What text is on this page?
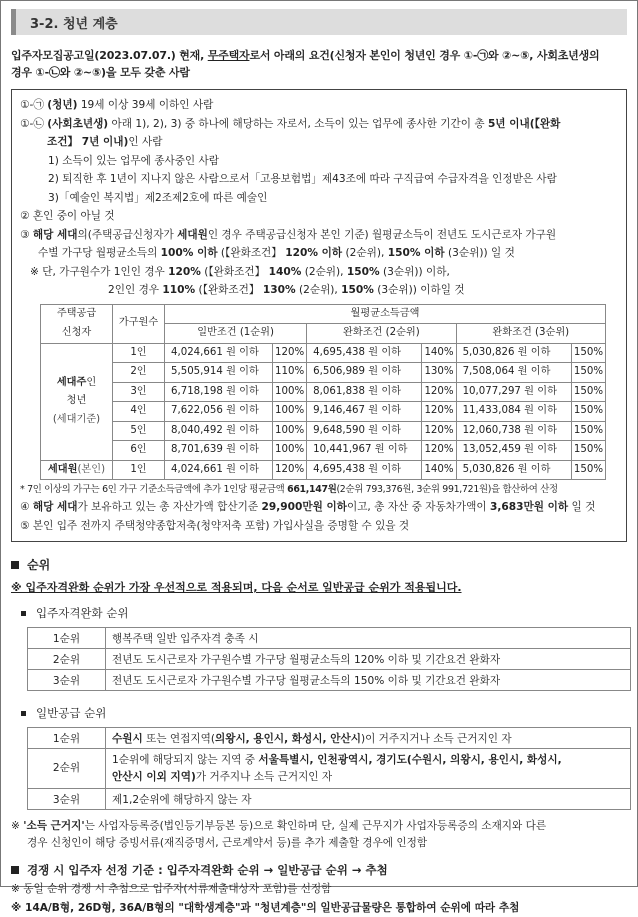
3-2. 청년 계층
입주자모집공고일(2023.07.07.) 현재, 무주택자로서 아래의 요건(신청자 본인이 청년인 경우 ①-㉠와 ②~⑤, 사회초년생의
경우 ①-㉡와 ②~⑤)을 모두 갖춘 사람
①-㉠ (청년) 19세 이상 39세 이하인 사람
①-㉡ (사회초년생) 아래 1), 2), 3) 중 하나에 해당하는 자로서, 소득이 있는 업무에 종사한 기간이 총 5년 이내(【완화
조건】 7년 이내)인 사람
1) 소득이 있는 업무에 종사중인 사람
2) 퇴직한 후 1년이 지나지 않은 사람으로서「고용보험법」제43조에 따라 구직급여 수급자격을 인정받은 사람
3)「예술인 복지법」제2조제2호에 따른 예술인
② 혼인 중이 아닐 것
③ 해당 세대의(주택공급신청자가 세대원인 경우 주택공급신청자 본인 기준) 월평균소득이 전년도 도시근로자 가구원
수별 가구당 월평균소득의 100% 이하 (【완화조건】 120% 이하 (2순위), 150% 이하 (3순위)) 일 것
※ 단, 가구원수가 1인인 경우 120% (【완화조건】 140% (2순위), 150% (3순위)) 이하,
2인인 경우 110% (【완화조건】 130% (2순위), 150% (3순위)) 이하일 것
주택공급
신청자	가구원수	월평균소득금액					
		일반조건 (1순위)		완화조건 (2순위)		완화조건 (3순위)	
세대주인
청년
(세대기준)	1인	4,024,661 원 이하	120%	4,695,438 원 이하	140%	5,030,826 원 이하	150%
	2인	5,505,914 원 이하	110%	6,506,989 원 이하	130%	7,508,064 원 이하	150%
	3인	6,718,198 원 이하	100%	8,061,838 원 이하	120%	10,077,297 원 이하	150%
	4인	7,622,056 원 이하	100%	9,146,467 원 이하	120%	11,433,084 원 이하	150%
	5인	8,040,492 원 이하	100%	9,648,590 원 이하	120%	12,060,738 원 이하	150%
	6인	8,701,639 원 이하	100%	10,441,967 원 이하	120%	13,052,459 원 이하	150%
세대원(본인)	1인	4,024,661 원 이하	120%	4,695,438 원 이하	140%	5,030,826 원 이하	150%
* 7인 이상의 가구는 6인 가구 기준소득금액에 추가 1인당 평균금액 661,147원(2순위 793,376원, 3순위 991,721원)을 합산하여 산정
④ 해당 세대가 보유하고 있는 총 자산가액 합산기준 29,900만원 이하이고, 총 자산 중 자동차가액이 3,683만원 이하 일 것
⑤ 본인 입주 전까지 주택청약종합저축(청약저축 포함) 가입사실을 증명할 수 있을 것
순위
※ 입주자격완화 순위가 가장 우선적으로 적용되며, 다음 순서로 일반공급 순위가 적용됩니다.
입주자격완화 순위
1순위	행복주택 일반 입주자격 충족 시
2순위	전년도 도시근로자 가구원수별 가구당 월평균소득의 120% 이하 및 기간요건 완화자
3순위	전년도 도시근로자 가구원수별 가구당 월평균소득의 150% 이하 및 기간요건 완화자
일반공급 순위
1순위	수원시 또는 연접지역(의왕시, 용인시, 화성시, 안산시)이 거주지거나 소득 근거지인 자
2순위	1순위에 해당되지 않는 지역 중 서울특별시, 인천광역시, 경기도(수원시, 의왕시, 용인시, 화성시,
안산시 이외 지역)가 거주지나 소득 근거지인 자
3순위	제1,2순위에 해당하지 않는 자
※ '소득 근거지'는 사업자등록증(법인등기부등본 등)으로 확인하며 단, 실제 근무지가 사업자등록증의 소재지와 다른
경우 신청인이 해당 증빙서류(재직증명서, 근로계약서 등)를 추가 제출할 경우에 인정함
경쟁 시 입주자 선정 기준 : 입주자격완화 순위 → 일반공급 순위 → 추첨
※ 동일 순위 경쟁 시 추첨으로 입주자(서류제출대상자 포함)를 선정함
※ 14A/B형, 26D형, 36A/B형의 "대학생계층"과 "청년계층"의 일반공급물량은 통합하여 순위에 따라 추첨
